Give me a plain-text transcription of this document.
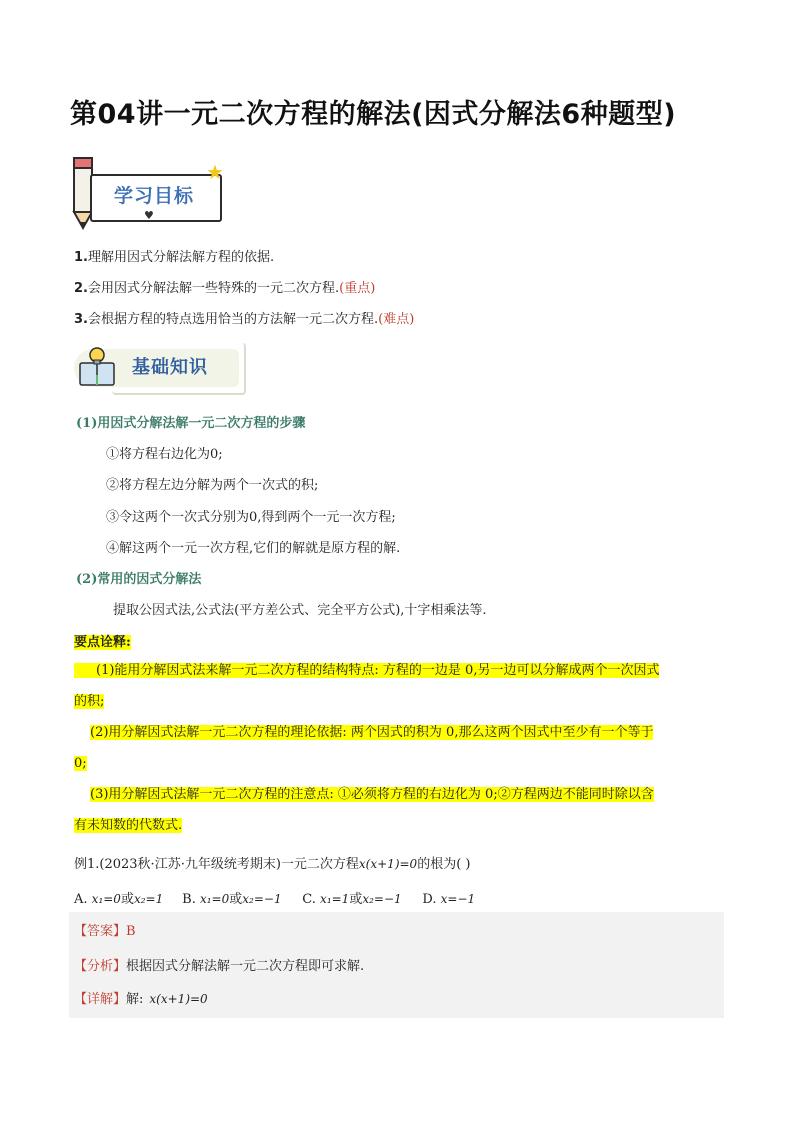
第04讲一元二次方程的解法(因式分解法6种题型)
学习目标
★
♥
1.理解用因式分解法解方程的依据.
2.会用因式分解法解一些特殊的一元二次方程.(重点)
3.会根据方程的特点选用恰当的方法解一元二次方程.(难点)
基础知识
(1)用因式分解法解一元二次方程的步骤
①将方程右边化为0;
②将方程左边分解为两个一次式的积;
③令这两个一次式分别为0,得到两个一元一次方程;
④解这两个一元一次方程,它们的解就是原方程的解.
(2)常用的因式分解法
提取公因式法,公式法(平方差公式、完全平方公式),十字相乘法等.
要点诠释:
(1)能用分解因式法来解一元二次方程的结构特点: 方程的一边是 0,另一边可以分解成两个一次因式
的积;
(2)用分解因式法解一元二次方程的理论依据: 两个因式的积为 0,那么这两个因式中至少有一个等于
0;
(3)用分解因式法解一元二次方程的注意点: ①必须将方程的右边化为 0;②方程两边不能同时除以含
有未知数的代数式.
例1.(2023秋·江苏·九年级统考期末)一元二次方程x(x+1)=0的根为( )
A. x₁=0或x₂=1 B. x₁=0或x₂=−1 C. x₁=1或x₂=−1 D. x=−1
【答案】B
【分析】根据因式分解法解一元二次方程即可求解.
【详解】解: x(x+1)=0
